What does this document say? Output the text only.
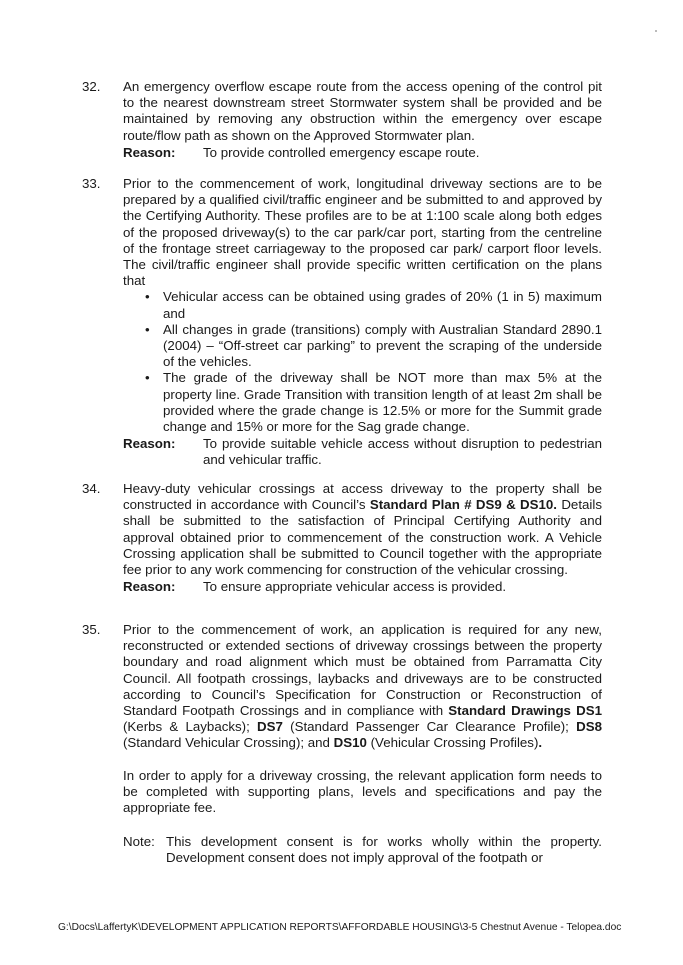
32.	An emergency overflow escape route from the access opening of the control pit to the nearest downstream street Stormwater system shall be provided and be maintained by removing any obstruction within the emergency over escape route/flow path as shown on the Approved Stormwater plan.

Reason:	To provide controlled emergency escape route.
33.	Prior to the commencement of work, longitudinal driveway sections are to be prepared by a qualified civil/traffic engineer and be submitted to and approved by the Certifying Authority. These profiles are to be at 1:100 scale along both edges of the proposed driveway(s) to the car park/car port, starting from the centreline of the frontage street carriageway to the proposed car park/ carport floor levels. The civil/traffic engineer shall provide specific written certification on the plans that

• Vehicular access can be obtained using grades of 20% (1 in 5) maximum and
• All changes in grade (transitions) comply with Australian Standard 2890.1 (2004) – “Off-street car parking” to prevent the scraping of the underside of the vehicles.
• The grade of the driveway shall be NOT more than max 5% at the property line. Grade Transition with transition length of at least 2m shall be provided where the grade change is 12.5% or more for the Summit grade change and 15% or more for the Sag grade change.
Reason:	To provide suitable vehicle access without disruption to pedestrian and vehicular traffic.
34.	Heavy-duty vehicular crossings at access driveway to the property shall be constructed in accordance with Council’s Standard Plan # DS9 & DS10. Details shall be submitted to the satisfaction of Principal Certifying Authority and approval obtained prior to commencement of the construction work. A Vehicle Crossing application shall be submitted to Council together with the appropriate fee prior to any work commencing for construction of the vehicular crossing.

Reason:	To ensure appropriate vehicular access is provided.
35.	Prior to the commencement of work, an application is required for any new, reconstructed or extended sections of driveway crossings between the property boundary and road alignment which must be obtained from Parramatta City Council. All footpath crossings, laybacks and driveways are to be constructed according to Council’s Specification for Construction or Reconstruction of Standard Footpath Crossings and in compliance with Standard Drawings DS1 (Kerbs & Laybacks); DS7 (Standard Passenger Car Clearance Profile); DS8 (Standard Vehicular Crossing); and DS10 (Vehicular Crossing Profiles).

In order to apply for a driveway crossing, the relevant application form needs to be completed with supporting plans, levels and specifications and pay the appropriate fee.

Note: This development consent is for works wholly within the property. Development consent does not imply approval of the footpath or
G:\Docs\LaffertyK\DEVELOPMENT APPLICATION REPORTS\AFFORDABLE HOUSING\3-5 Chestnut Avenue - Telopea.doc
